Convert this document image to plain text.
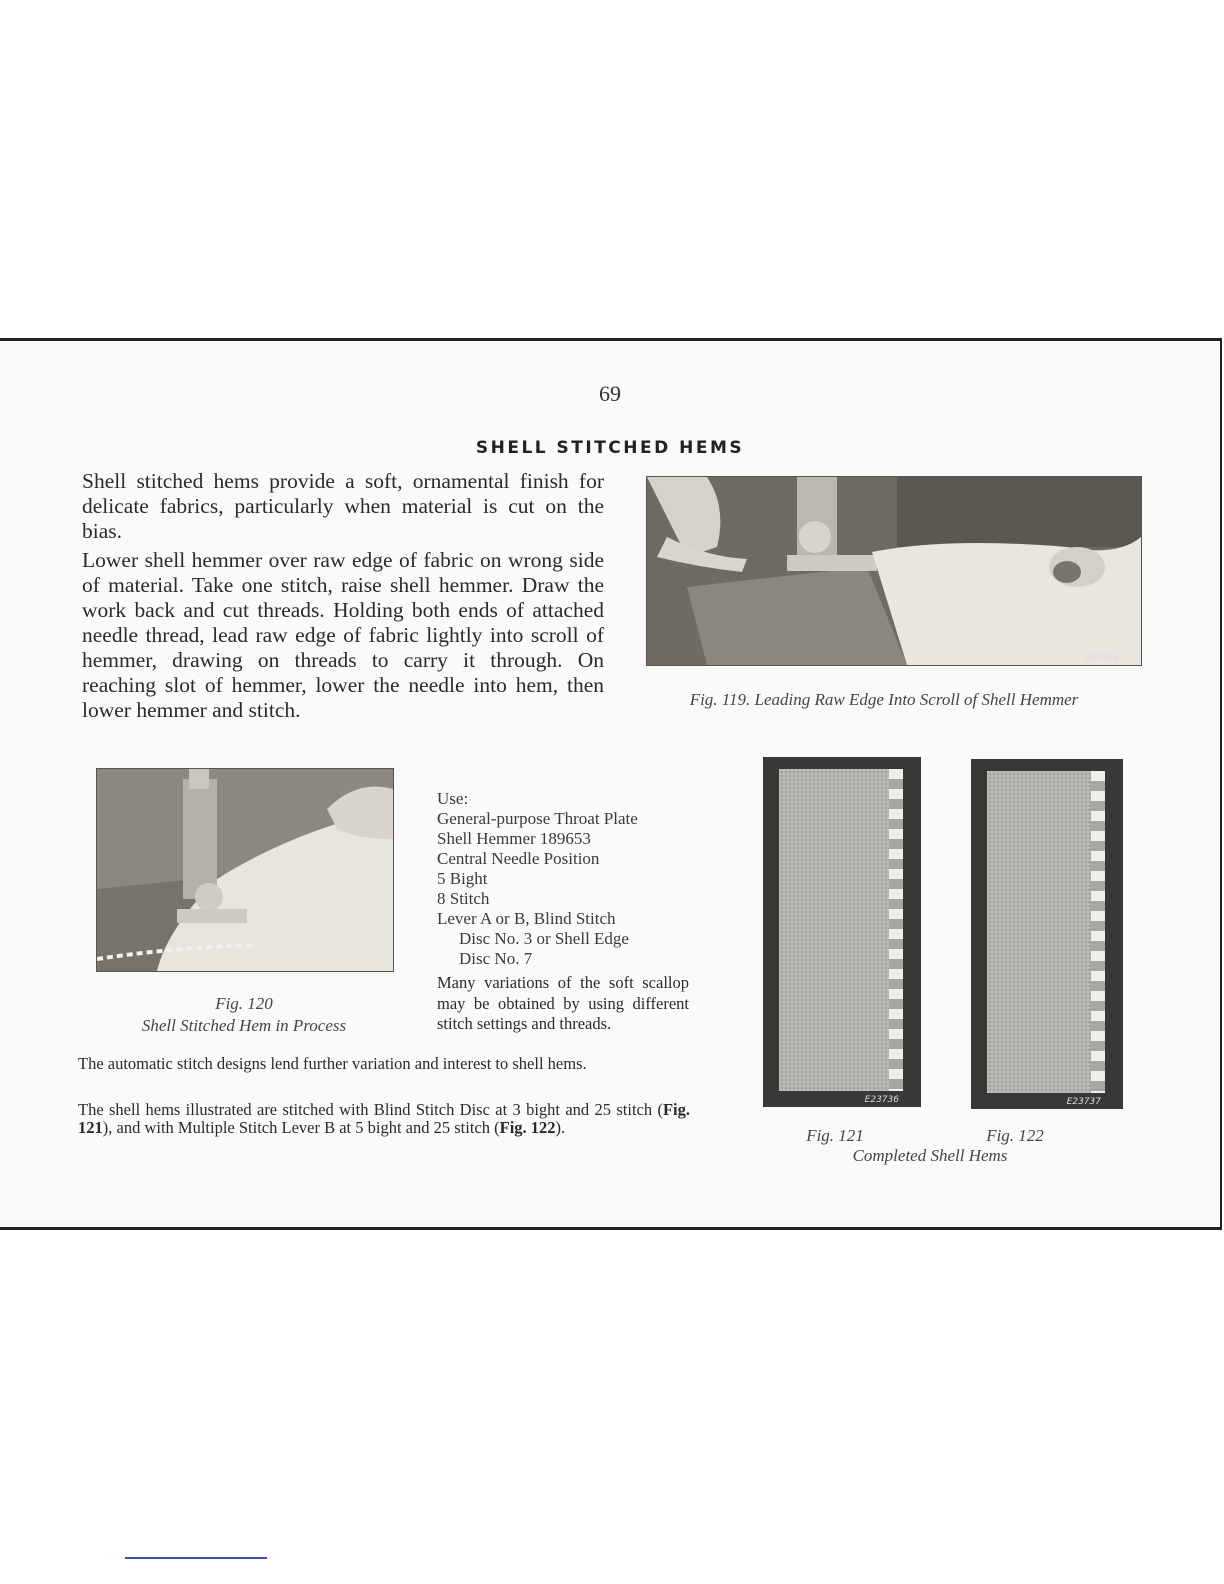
69
SHELL STITCHED HEMS

Shell stitched hems provide a soft, ornamental finish for delicate fabrics, particularly when material is cut on the bias.

Lower shell hemmer over raw edge of fabric on wrong side of material. Take one stitch, raise shell hemmer. Draw the work back and cut threads. Holding both ends of attached needle thread, lead raw edge of fabric lightly into scroll of hemmer, drawing on threads to carry it through. On reaching slot of hemmer, lower the needle into hem, then lower hemmer and stitch.

E27946
Fig. 119. Leading Raw Edge Into Scroll of Shell Hemmer
Fig. 120
Shell Stitched Hem in Process
Use:
General-purpose Throat Plate
Shell Hemmer 189653
Central Needle Position
5 Bight
8 Stitch
Lever A or B, Blind Stitch
Disc No. 3 or Shell Edge
Disc No. 7

Many variations of the soft scallop may be obtained by using different stitch settings and threads.

The automatic stitch designs lend further variation and interest to shell hems.

The shell hems illustrated are stitched with Blind Stitch Disc at 3 bight and 25 stitch (Fig. 121), and with Multiple Stitch Lever B at 5 bight and 25 stitch (Fig. 122).

E23736	E23737
Fig. 121	Fig. 122
Completed Shell Hems
